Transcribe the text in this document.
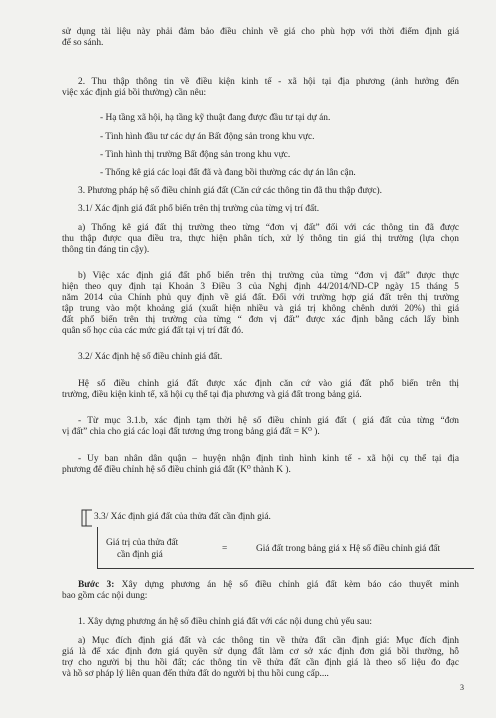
sử dụng tài liệu này phải đảm bảo điều chỉnh về giá cho phù hợp với thời điểm định giá
để so sánh.
2. Thu thập thông tin về điều kiện kinh tế - xã hội tại địa phương (ảnh hưởng đến
việc xác định giá bồi thường) cần nêu:
- Hạ tầng xã hội, hạ tầng kỹ thuật đang được đầu tư tại dự án.
- Tình hình đầu tư các dự án Bất động sản trong khu vực.
- Tình hình thị trường Bất động sản trong khu vực.
- Thống kê giá các loại đất đã và đang bồi thường các dự án lân cận.
3. Phương pháp hệ số điều chỉnh giá đất (Căn cứ các thông tin đã thu thập được).
3.1/ Xác định giá đất phổ biến trên thị trường của từng vị trí đất.
a) Thống kê giá đất thị trường theo từng “đơn vị đất” đối với các thông tin đã được
thu thập được qua điều tra, thực hiện phân tích, xử lý thông tin giá thị trường (lựa chọn
thông tin đáng tin cậy).
b) Việc xác định giá đất phổ biến trên thị trường của từng “đơn vị đất” được thực
hiện theo quy định tại Khoản 3 Điều 3 của Nghị định 44/2014/ND-CP ngày 15 tháng 5
năm 2014 của Chính phủ quy định về giá đất. Đối với trường hợp giá đất trên thị trường
tập trung vào một khoảng giá (xuất hiện nhiều và giá trị không chênh dưới 20%) thì giá
đất phổ biến trên thị trường của từng “ đơn vị đất” được xác định bằng cách lấy bình
quân số học của các mức giá đất tại vị trí đất đó.
3.2/ Xác định hệ số điều chỉnh giá đất.
Hệ số điều chỉnh giá đất được xác định căn cứ vào giá đất phổ biến trên thị
trường, điều kiện kinh tế, xã hội cụ thể tại địa phương và giá đất trong bảng giá.
- Từ mục 3.1.b, xác định tạm thời hệ số điều chỉnh giá đất ( giá đất của từng “đơn
vị đất” chia cho giá các loại đất tương ứng trong bảng giá đất = K⁰ ).
- Ủy ban nhân dân quận – huyện nhận định tình hình kinh tế - xã hội cụ thể tại địa
phương để điều chỉnh hệ số điều chỉnh giá đất (K⁰ thành K ).
3.3/ Xác định giá đất của thửa đất cần định giá.
Giá trị của thửa đất
cần định giá
=	Giá đất trong bảng giá x Hệ số điều chỉnh giá đất
Bước 3: Xây dựng phương án hệ số điều chỉnh giá đất kèm báo cáo thuyết minh
bao gồm các nội dung:
1. Xây dựng phương án hệ số điều chỉnh giá đất với các nội dung chủ yếu sau:
a) Mục đích định giá đất và các thông tin về thửa đất cần định giá: Mục đích định
giá là để xác định đơn giá quyền sử dụng đất làm cơ sở xác định đơn giá bồi thường, hỗ
trợ cho người bị thu hồi đất; các thông tin về thửa đất cần định giá là theo số liệu đo đạc
và hồ sơ pháp lý liên quan đến thửa đất do người bị thu hồi cung cấp....
3
